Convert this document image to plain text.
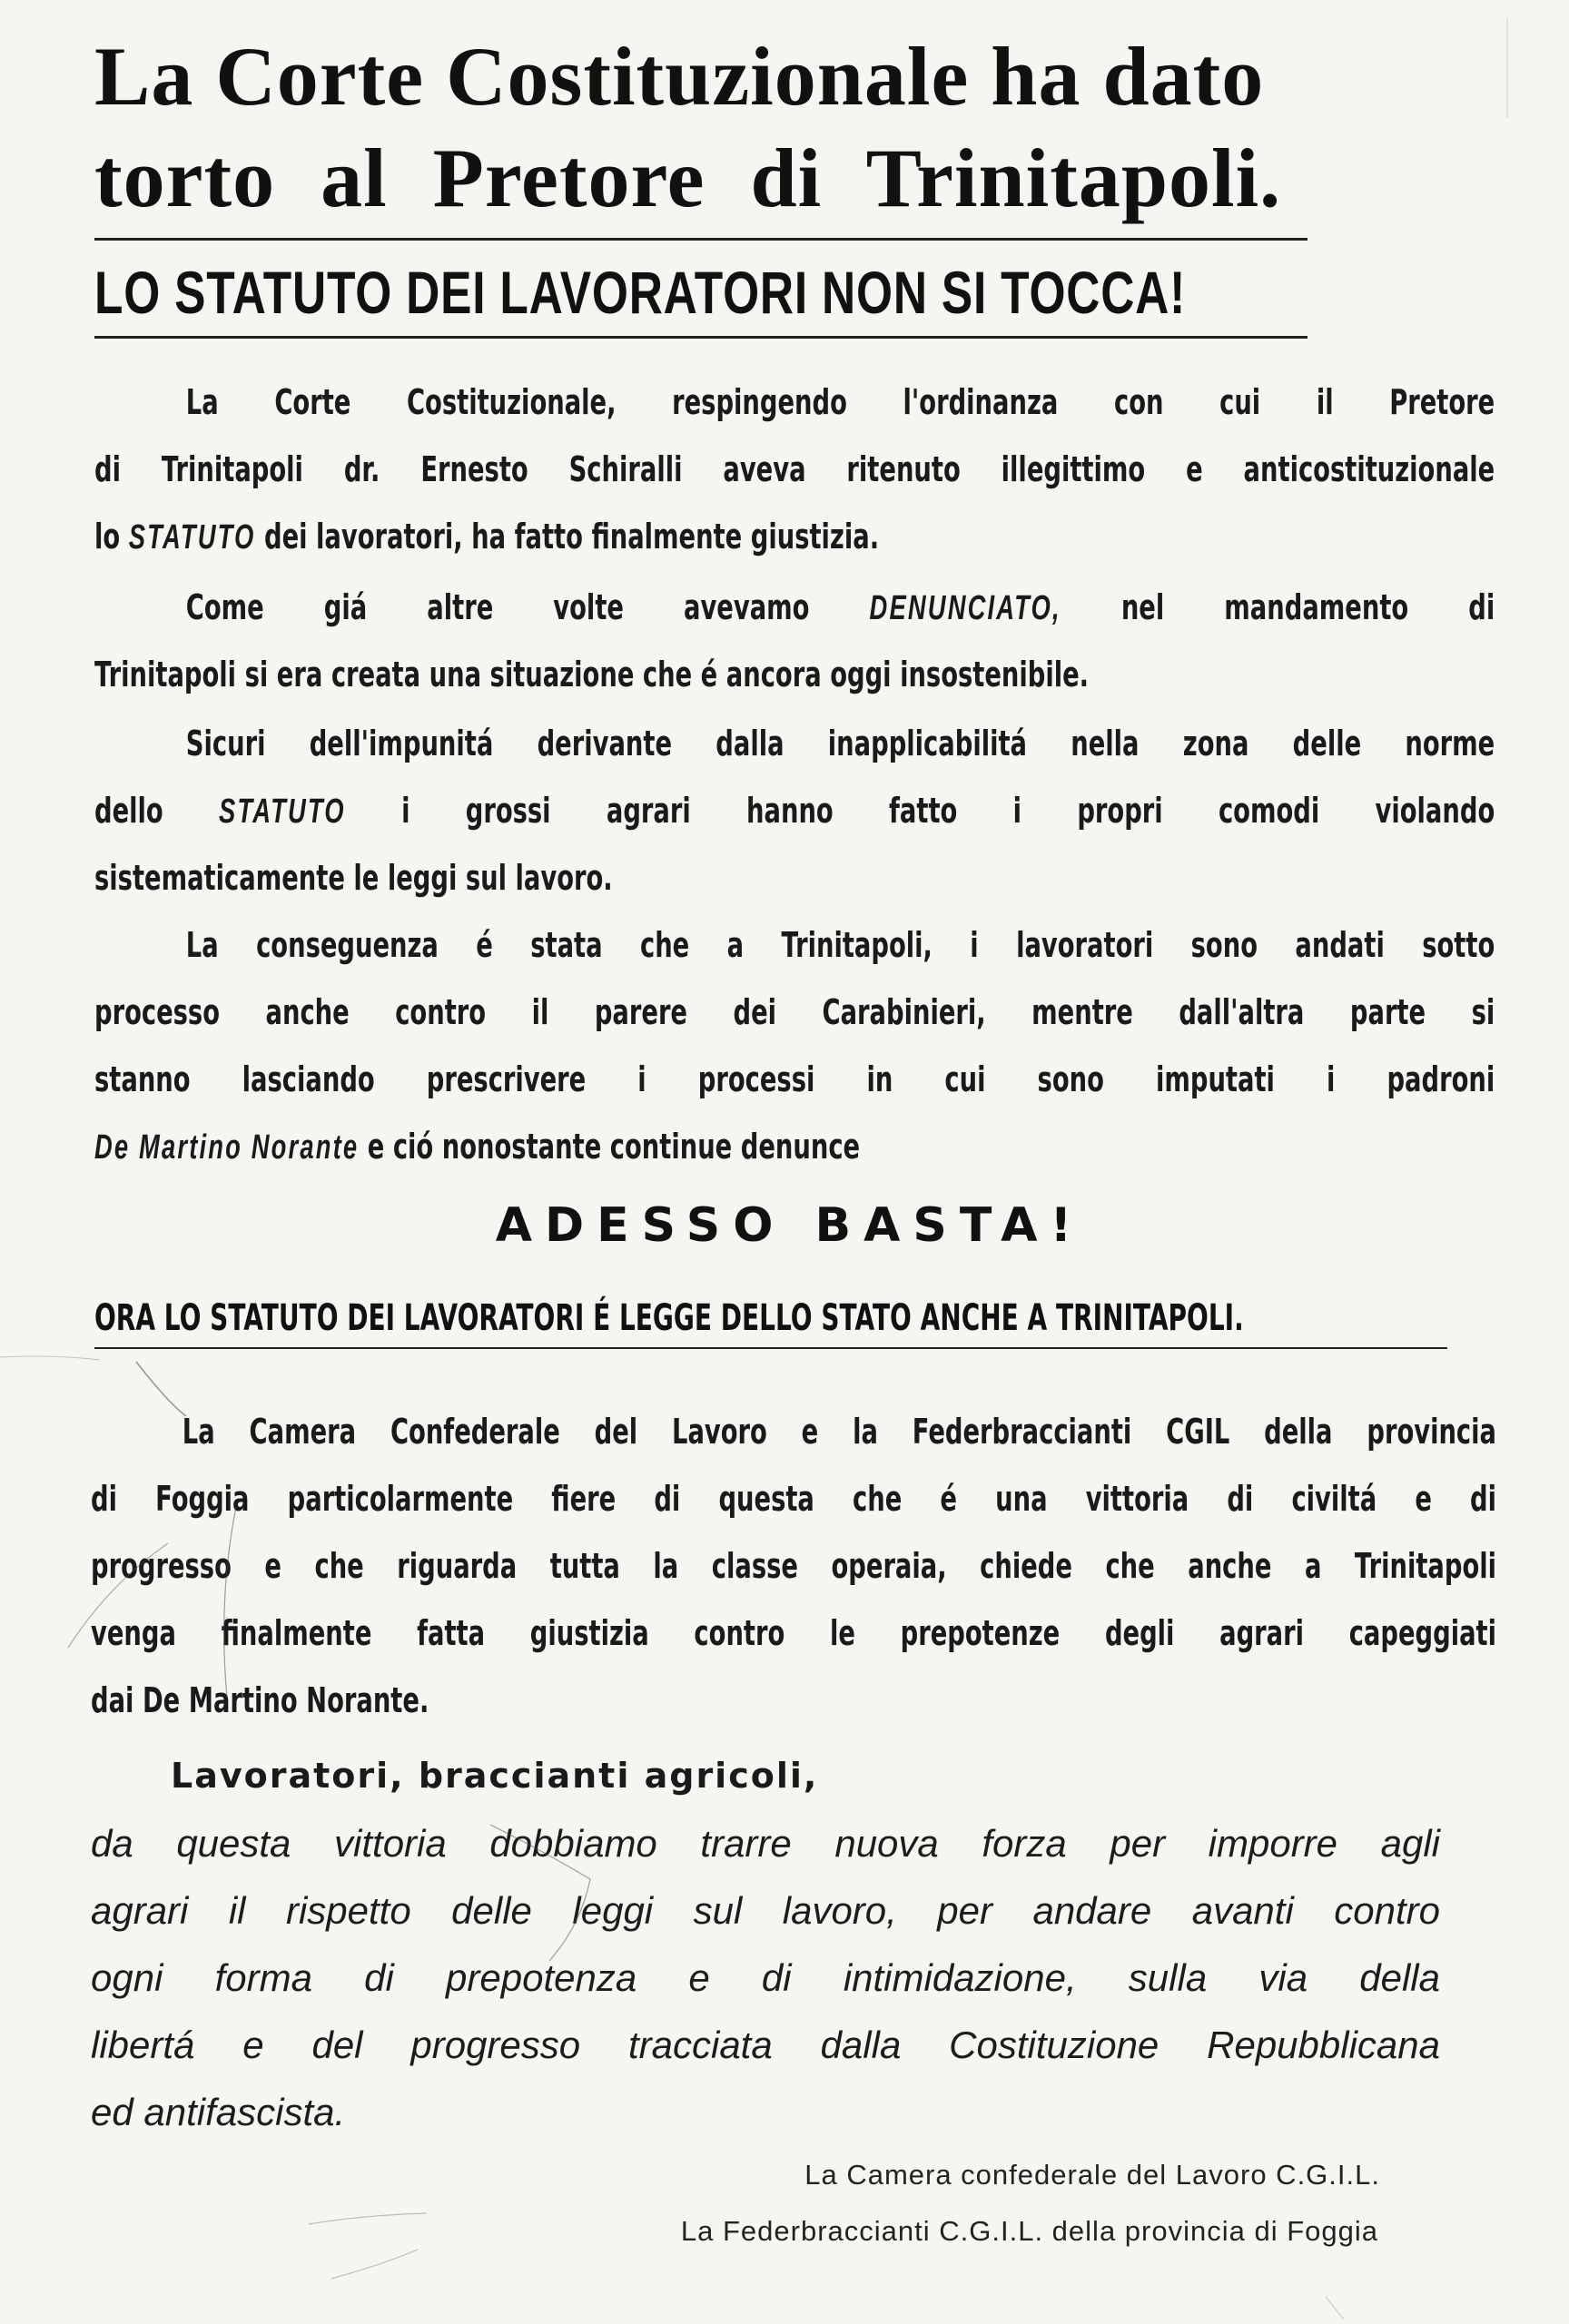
La Corte Costituzionale ha dato
torto al Pretore di Trinitapoli.
LO STATUTO DEI LAVORATORI NON SI TOCCA!
La Corte Costituzionale, respingendo l'ordinanza con cui il Pretore
di Trinitapoli dr. Ernesto Schiralli aveva ritenuto illegittimo e anticostituzionale
lo STATUTO dei lavoratori, ha fatto finalmente giustizia.
Come giá altre volte avevamo DENUNCIATO, nel mandamento di
Trinitapoli si era creata una situazione che é ancora oggi insostenibile.
Sicuri dell'impunitá derivante dalla inapplicabilitá nella zona delle norme
dello STATUTO i grossi agrari hanno fatto i propri comodi violando
sistematicamente le leggi sul lavoro.
La conseguenza é stata che a Trinitapoli, i lavoratori sono andati sotto
processo anche contro il parere dei Carabinieri, mentre dall'altra parte si
stanno lasciando prescrivere i processi in cui sono imputati i padroni
De Martino Norante e ció nonostante continue denunce
ADESSO BASTA!
ORA LO STATUTO DEI LAVORATORI É LEGGE DELLO STATO ANCHE A TRINITAPOLI.
La Camera Confederale del Lavoro e la Federbraccianti CGIL della provincia
di Foggia particolarmente fiere di questa che é una vittoria di civiltá e di
progresso e che riguarda tutta la classe operaia, chiede che anche a Trinitapoli
venga finalmente fatta giustizia contro le prepotenze degli agrari capeggiati
dai De Martino Norante.
Lavoratori, braccianti agricoli,
da questa vittoria dobbiamo trarre nuova forza per imporre agli
agrari il rispetto delle leggi sul lavoro, per andare avanti contro
ogni forma di prepotenza e di intimidazione, sulla via della
libertá e del progresso tracciata dalla Costituzione Repubblicana
ed antifascista.
La Camera confederale del Lavoro C.G.I.L.
La Federbraccianti C.G.I.L. della provincia di Foggia
